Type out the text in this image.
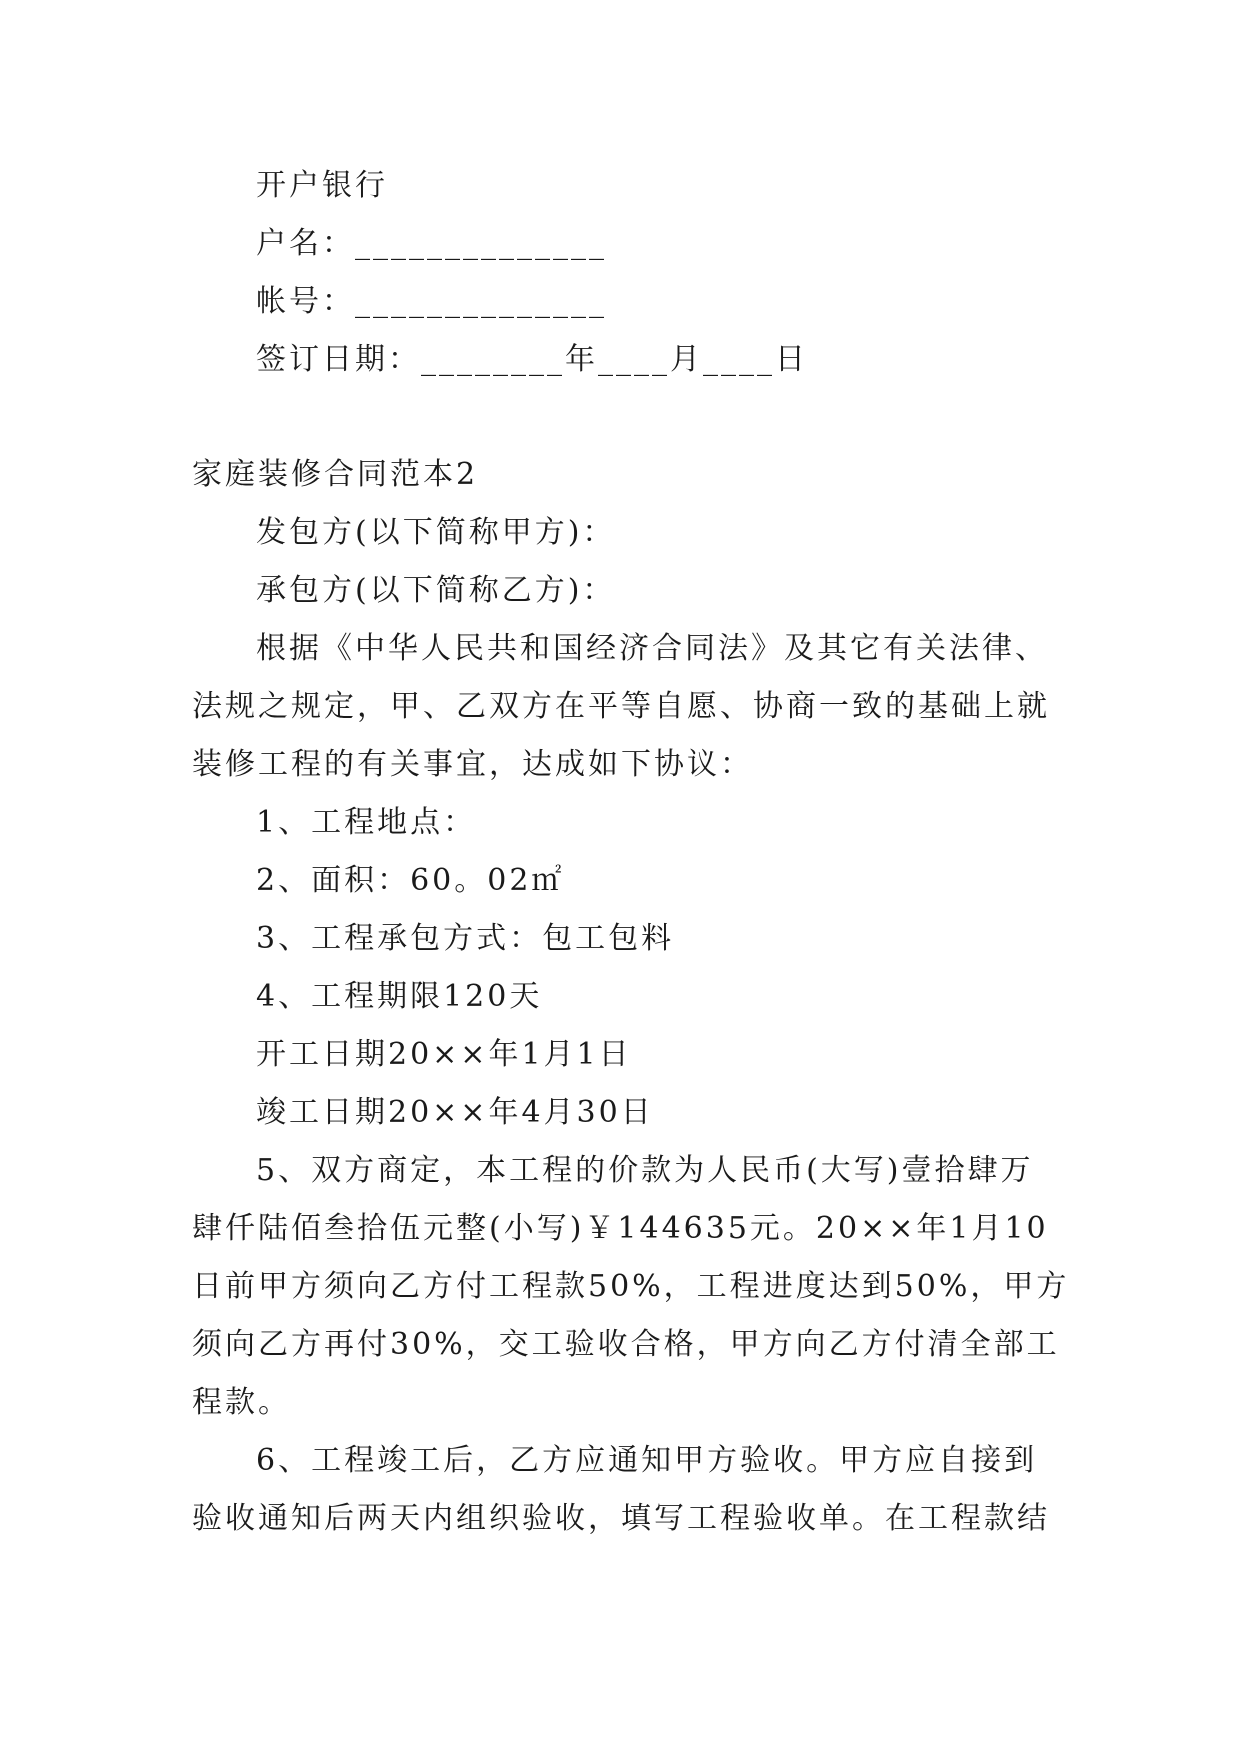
开户银行
户名：______________
帐号：______________
签订日期：________年____月____日
家庭装修合同范本2
发包方(以下简称甲方)：
承包方(以下简称乙方)：
根据《中华人民共和国经济合同法》及其它有关法律、
法规之规定，甲、乙双方在平等自愿、协商一致的基础上就
装修工程的有关事宜，达成如下协议：
1、工程地点：
2、面积：60。02㎡
3、工程承包方式：包工包料
4、工程期限120天
开工日期20××年1月1日
竣工日期20××年4月30日
5、双方商定，本工程的价款为人民币(大写)壹拾肆万
肆仟陆佰叁拾伍元整(小写)￥144635元。20××年1月10
日前甲方须向乙方付工程款50%，工程进度达到50%，甲方
须向乙方再付30%，交工验收合格，甲方向乙方付清全部工
程款。
6、工程竣工后，乙方应通知甲方验收。甲方应自接到
验收通知后两天内组织验收，填写工程验收单。在工程款结
